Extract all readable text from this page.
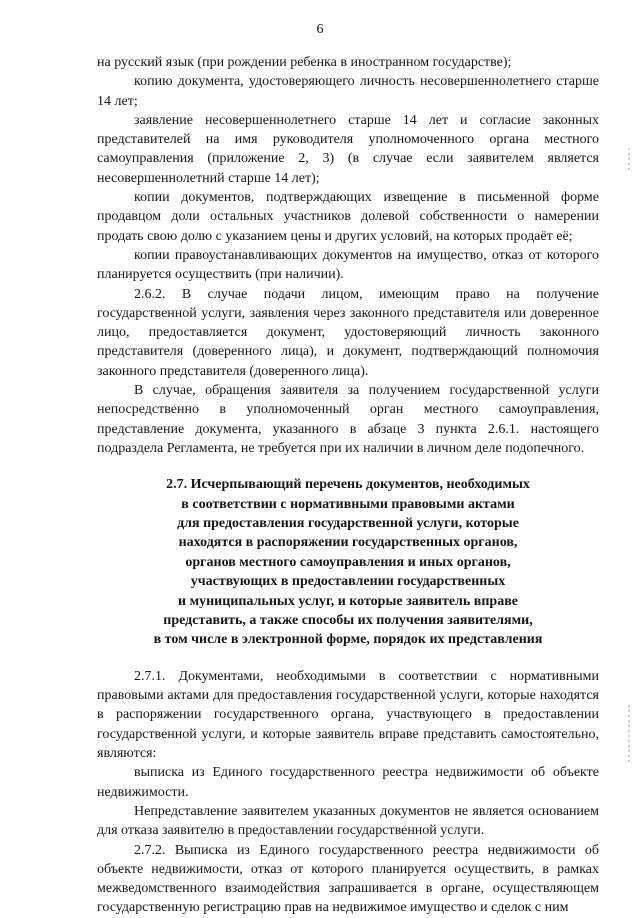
6

на русский язык (при рождении ребенка в иностранном государстве);

копию документа, удостоверяющего личность несовершеннолетнего старше 14 лет;

заявление несовершеннолетнего старше 14 лет и согласие законных представителей на имя руководителя уполномоченного органа местного самоуправления (приложение 2, 3) (в случае если заявителем является несовершеннолетний старше 14 лет);

копии документов, подтверждающих извещение в письменной форме продавцом доли остальных участников долевой собственности о намерении продать свою долю с указанием цены и других условий, на которых продаёт её;

копии правоустанавливающих документов на имущество, отказ от которого планируется осуществить (при наличии).

2.6.2. В случае подачи лицом, имеющим право на получение государственной услуги, заявления через законного представителя или доверенное лицо, предоставляется документ, удостоверяющий личность законного представителя (доверенного лица), и документ, подтверждающий полномочия законного представителя (доверенного лица).

В случае, обращения заявителя за получением государственной услуги непосредственно в уполномоченный орган местного самоуправления, представление документа, указанного в абзаце 3 пункта 2.6.1. настоящего подраздела Регламента, не требуется при их наличии в личном деле подопечного.

2.7. Исчерпывающий перечень документов, необходимых
в соответствии с нормативными правовыми актами
для предоставления государственной услуги, которые
находятся в распоряжении государственных органов,
органов местного самоуправления и иных органов,
участвующих в предоставлении государственных
и муниципальных услуг, и которые заявитель вправе
представить, а также способы их получения заявителями,
в том числе в электронной форме, порядок их представления

2.7.1. Документами, необходимыми в соответствии с нормативными правовыми актами для предоставления государственной услуги, которые находятся в распоряжении государственного органа, участвующего в предоставлении государственной услуги, и которые заявитель вправе представить самостоятельно, являются:

выписка из Единого государственного реестра недвижимости об объекте недвижимости.

Непредставление заявителем указанных документов не является основанием для отказа заявителю в предоставлении государственной услуги.

2.7.2. Выписка из Единого государственного реестра недвижимости об объекте недвижимости, отказ от которого планируется осуществить, в рамках межведомственного взаимодействия запрашивается в органе, осуществляющем государственную регистрацию прав на недвижимое имущество и сделок с ним
